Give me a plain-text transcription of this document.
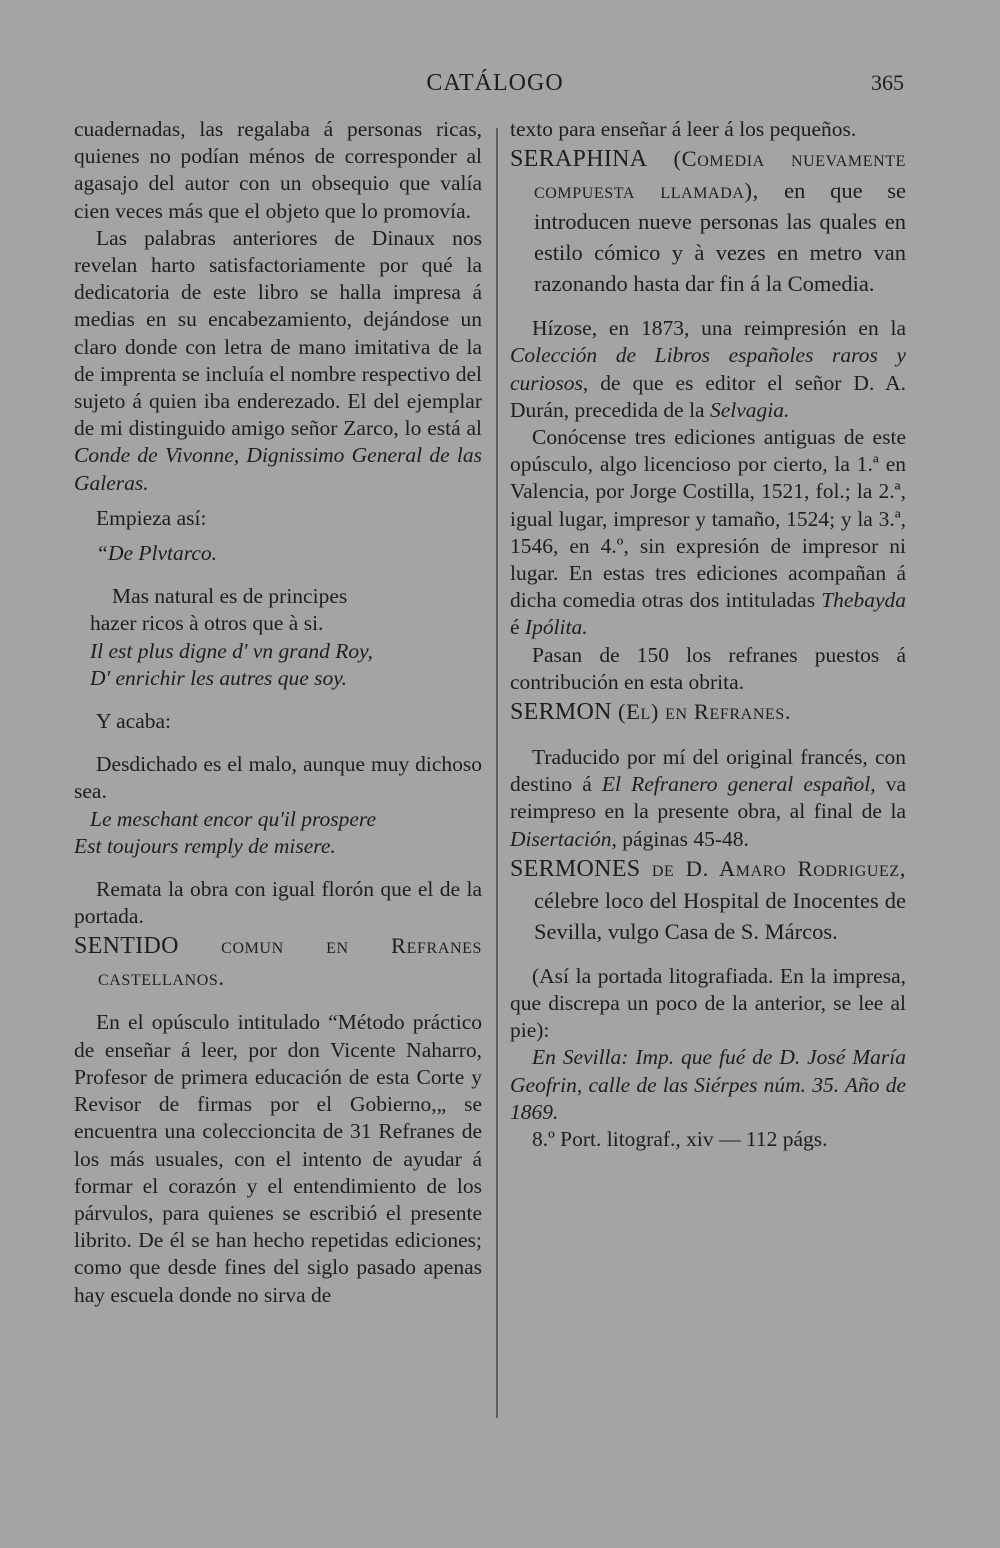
CATÁLOGO	365

cuadernadas, las regalaba á personas ricas, quienes no podían ménos de corresponder al agasajo del autor con un obsequio que valía cien veces más que el objeto que lo promovía.

Las palabras anteriores de Dinaux nos revelan harto satisfactoriamente por qué la dedicatoria de este libro se halla impresa á medias en su encabezamiento, dejándose un claro donde con letra de mano imitativa de la de imprenta se incluía el nombre respectivo del sujeto á quien iba enderezado. El del ejemplar de mi distinguido amigo señor Zarco, lo está al Conde de Vivonne, Dignissimo General de las Galeras.

Empieza así:

“De Plvtarco.

Mas natural es de principes

hazer ricos à otros que à si.

Il est plus digne d' vn grand Roy,

D' enrichir les autres que soy.

Y acaba:

Desdichado es el malo, aunque muy dichoso sea.

Le meschant encor qu'il prospere

Est toujours remply de misere.

Remata la obra con igual florón que el de la portada.

SENTIDO comun en Refranes castellanos.

En el opúsculo intitulado “Método práctico de enseñar á leer, por don Vicente Naharro, Profesor de primera educación de esta Corte y Revisor de firmas por el Gobierno,„ se encuentra una coleccioncita de 31 Refranes de los más usuales, con el intento de ayudar á formar el corazón y el entendimiento de los párvulos, para quienes se escribió el presente librito. De él se han hecho repetidas ediciones; como que desde fines del siglo pasado apenas hay escuela donde no sirva de

texto para enseñar á leer á los pequeños.

SERAPHINA (Comedia nuevamente compuesta llamada), en que se introducen nueve personas las quales en estilo cómico y à vezes en metro van razonando hasta dar fin á la Comedia.

Hízose, en 1873, una reimpresión en la Colección de Libros españoles raros y curiosos, de que es editor el señor D. A. Durán, precedida de la Selvagia.

Conócense tres ediciones antiguas de este opúsculo, algo licencioso por cierto, la 1.ª en Valencia, por Jorge Costilla, 1521, fol.; la 2.ª, igual lugar, impresor y tamaño, 1524; y la 3.ª, 1546, en 4.º, sin expresión de impresor ni lugar. En estas tres ediciones acompañan á dicha comedia otras dos intituladas Thebayda é Ipólita.

Pasan de 150 los refranes puestos á contribución en esta obrita.

SERMON (El) en Refranes.

Traducido por mí del original francés, con destino á El Refranero general español, va reimpreso en la presente obra, al final de la Disertación, páginas 45-48.

SERMONES de D. Amaro Rodriguez, célebre loco del Hospital de Inocentes de Sevilla, vulgo Casa de S. Márcos.

(Así la portada litografiada. En la impresa, que discrepa un poco de la anterior, se lee al pie):

En Sevilla: Imp. que fué de D. José María Geofrin, calle de las Siérpes núm. 35. Año de 1869.

8.º Port. litograf., xiv — 112 págs.
